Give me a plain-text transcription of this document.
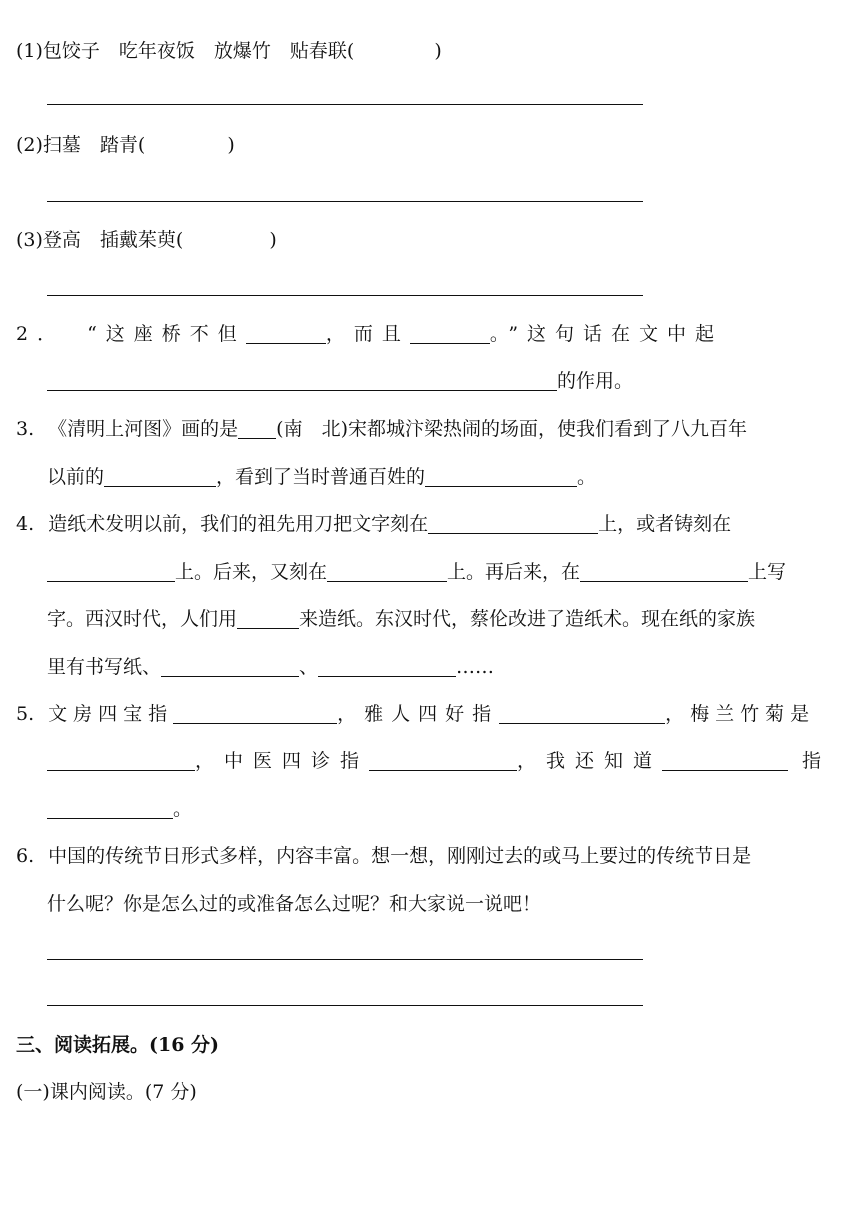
(1)包饺子　吃年夜饭　放爆竹　贴春联(	)
(2)扫墓　踏青(	)
(3)登高　插戴茱萸(	)
2． “这座桥不但	，而且	。”这句话在文中起
的作用。
3. 《清明上河图》画的是 (南　北)宋都城汴梁热闹的场面，使我们看到了八九百年
以前的	，看到了当时普通百姓的	。
4. 造纸术发明以前，我们的祖先用刀把文字刻在	上，或者铸刻在
上。后来，又刻在	上。再后来，在	上写
字。西汉时代，人们用	来造纸。东汉时代，蔡伦改进了造纸术。现在纸的家族
里有书写纸、	、	……
5. 文房四宝指	，雅人四好指	，梅兰竹菊是
，中医四诊指	，我还知道	指
。
6. 中国的传统节日形式多样，内容丰富。想一想，刚刚过去的或马上要过的传统节日是
什么呢？你是怎么过的或准备怎么过呢？和大家说一说吧！
三、阅读拓展。(16 分)
(一)课内阅读。(7 分)
